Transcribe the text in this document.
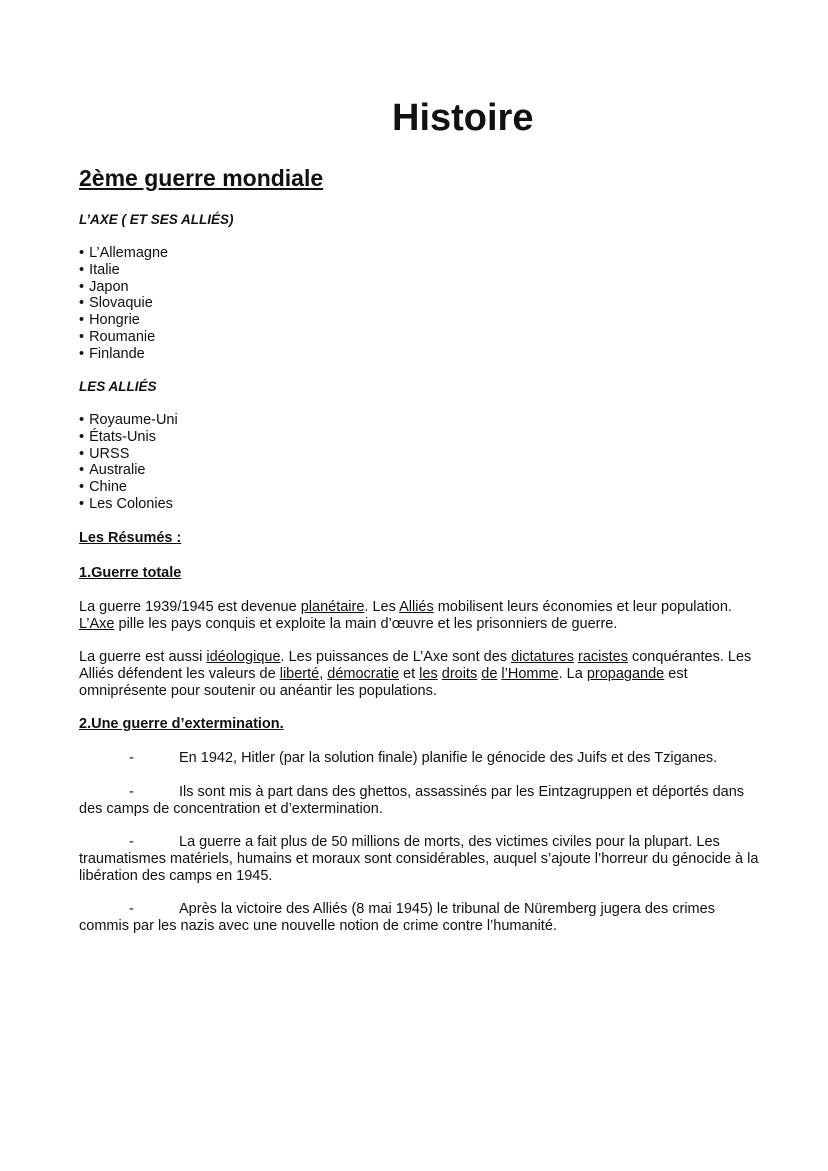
Histoire
2ème guerre mondiale

L’AXE ( ET SES ALLIÉS)

• L’Allemagne
• Italie
• Japon
• Slovaquie
• Hongrie
• Roumanie
• Finlande

LES ALLIÉS

• Royaume-Uni
• États-Unis
• URSS
• Australie
• Chine
• Les Colonies

Les Résumés :

1.Guerre totale

La guerre 1939/1945 est devenue planétaire. Les Alliés mobilisent leurs économies et leur population. L’Axe pille les pays conquis et exploite la main d’œuvre et les prisonniers de guerre.

La guerre est aussi idéologique. Les puissances de L’Axe sont des dictatures racistes conquérantes. Les Alliés défendent les valeurs de liberté, démocratie et les droits de l’Homme. La propagande est omniprésente pour soutenir ou anéantir les populations.

2.Une guerre d’extermination.

-	En 1942, Hitler (par la solution finale) planifie le génocide des Juifs et des Tziganes.

-	Ils sont mis à part dans des ghettos, assassinés par les Eintzagruppen et déportés dans des camps de concentration et d’extermination.

-	La guerre a fait plus de 50 millions de morts, des victimes civiles pour la plupart. Les traumatismes matériels, humains et moraux sont considérables, auquel s’ajoute l’horreur du génocide à la libération des camps en 1945.

-	Après la victoire des Alliés (8 mai 1945) le tribunal de Nüremberg jugera des crimes commis par les nazis avec une nouvelle notion de crime contre l’humanité.
